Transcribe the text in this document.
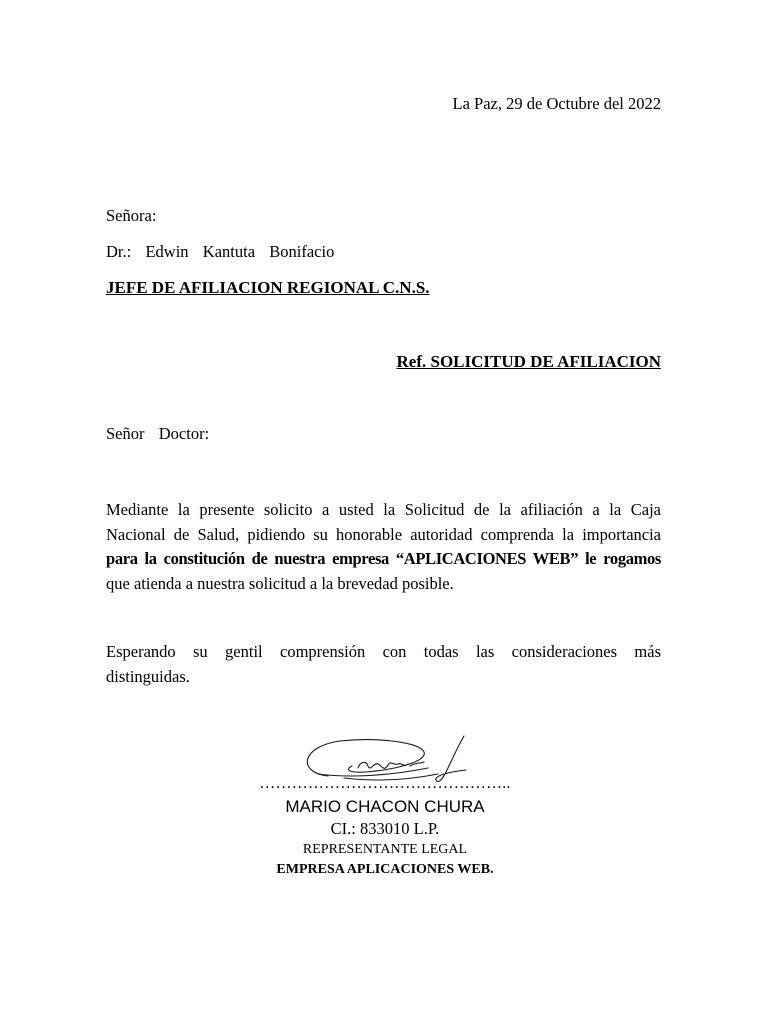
La Paz, 29 de Octubre del 2022
Señora:
Dr.:  Edwin  Kantuta  Bonifacio
JEFE DE AFILIACION REGIONAL C.N.S.
Ref. SOLICITUD DE AFILIACION
Señor  Doctor:
Mediante la presente solicito a usted la Solicitud de la afiliación a la Caja
Nacional de Salud, pidiendo su honorable autoridad comprenda la importancia
para la constitución de nuestra empresa “APLICACIONES WEB” le rogamos
que atienda a nuestra solicitud a la brevedad posible.
Esperando su gentil comprensión con todas las consideraciones más
distinguidas.
………………………………………..
MARIO CHACON CHURA
CI.: 833010 L.P.
REPRESENTANTE LEGAL
EMPRESA APLICACIONES WEB.
